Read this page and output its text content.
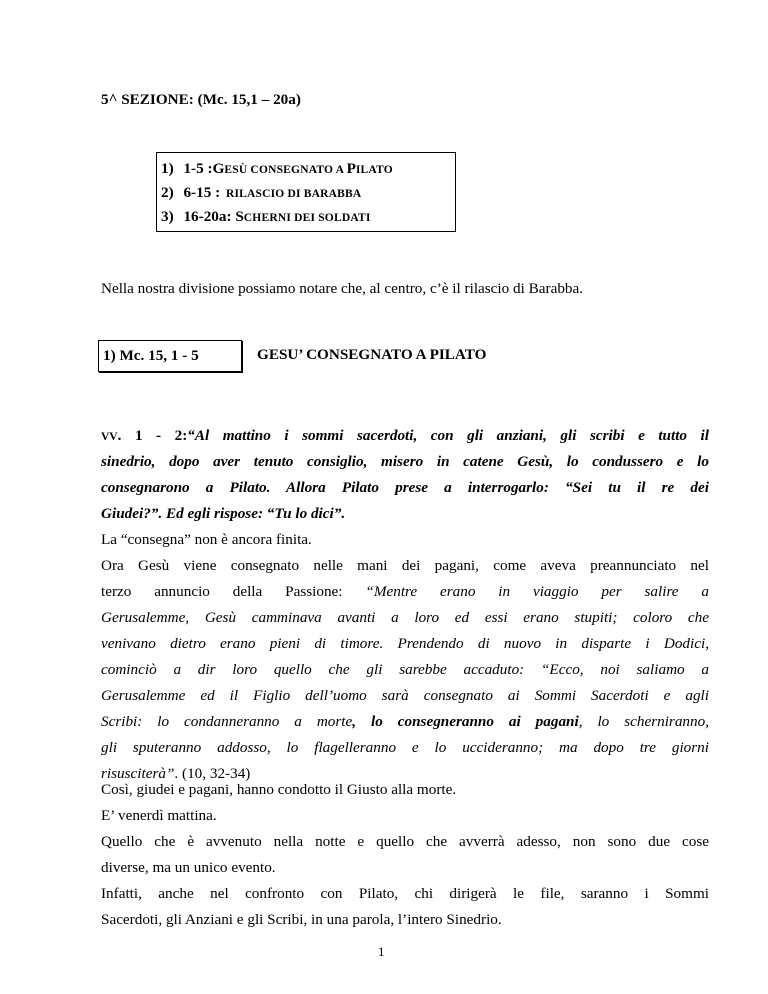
5^ SEZIONE: (Mc. 15,1 – 20a)
1) 1-5 :GESÙ CONSEGNATO A PILATO
2) 6-15 : RILASCIO DI BARABBA
3) 16-20a: SCHERNI DEI SOLDATI
Nella nostra divisione possiamo notare che, al centro, c’è il rilascio di Barabba.
1) Mc. 15, 1 - 5	GESU’ CONSEGNATO A PILATO
VV. 1 - 2:“Al mattino i sommi sacerdoti, con gli anziani, gli scribi e tutto il
sinedrio, dopo aver tenuto consiglio, misero in catene Gesù, lo condussero e lo
consegnarono a Pilato. Allora Pilato prese a interrogarlo: “Sei tu il re dei
Giudei?”. Ed egli rispose: “Tu lo dici”.
La “consegna” non è ancora finita.
Ora Gesù viene consegnato nelle mani dei pagani, come aveva preannunciato nel
terzo annuncio della Passione: “Mentre erano in viaggio per salire a
Gerusalemme, Gesù camminava avanti a loro ed essi erano stupiti; coloro che
venivano dietro erano pieni di timore. Prendendo di nuovo in disparte i Dodici,
cominciò a dir loro quello che gli sarebbe accaduto: “Ecco, noi saliamo a
Gerusalemme ed il Figlio dell’uomo sarà consegnato ai Sommi Sacerdoti e agli
Scribi: lo condanneranno a morte, lo consegneranno ai pagani, lo scherniranno,
gli sputeranno addosso, lo flagelleranno e lo uccideranno; ma dopo tre giorni
risusciterà”. (10, 32-34)
Così, giudei e pagani, hanno condotto il Giusto alla morte.
E’ venerdì mattina.
Quello che è avvenuto nella notte e quello che avverrà adesso, non sono due cose
diverse, ma un unico evento.
Infatti, anche nel confronto con Pilato, chi dirigerà le file, saranno i Sommi
Sacerdoti, gli Anziani e gli Scribi, in una parola, l’intero Sinedrio.
1
